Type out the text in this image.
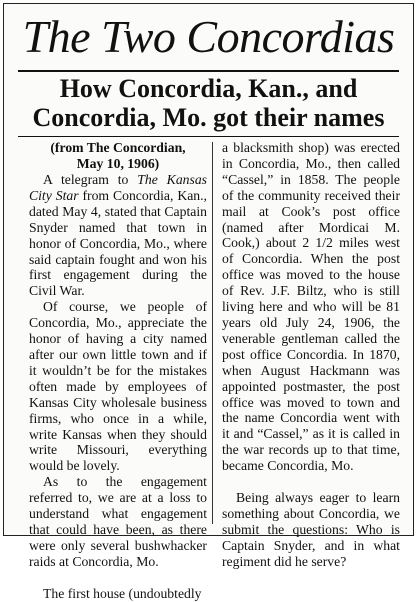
The Two Concordias
How Concordia, Kan., and
Concordia, Mo. got their names
(from The Concordian,
May 10, 1906)

A telegram to The Kansas City Star from Concordia, Kan., dated May 4, stated that Captain Snyder named that town in honor of Concordia, Mo., where said captain fought and won his first engagement during the Civil War.

Of course, we people of Concordia, Mo., appreciate the honor of having a city named after our own little town and if it wouldn’t be for the mistakes often made by employees of Kansas City wholesale business firms, who once in a while, write Kansas when they should write Missouri, everything would be lovely.

As to the engagement referred to, we are at a loss to understand what engagement that could have been, as there were only several bushwhacker raids at Concordia, Mo.

The first house (undoubtedly

a blacksmith shop) was erected in Concordia, Mo., then called “Cassel,” in 1858. The people of the community received their mail at Cook’s post office (named after Mordicai M. Cook,) about 2 1/2 miles west of Concordia. When the post office was moved to the house of Rev. J.F. Biltz, who is still living here and who will be 81 years old July 24, 1906, the venerable gentleman called the post office Concordia. In 1870, when August Hackmann was appointed postmaster, the post office was moved to town and the name Concordia went with it and “Cassel,” as it is called in the war records up to that time, became Concordia, Mo.

Being always eager to learn something about Concordia, we submit the questions: Who is Captain Snyder, and in what regiment did he serve?
